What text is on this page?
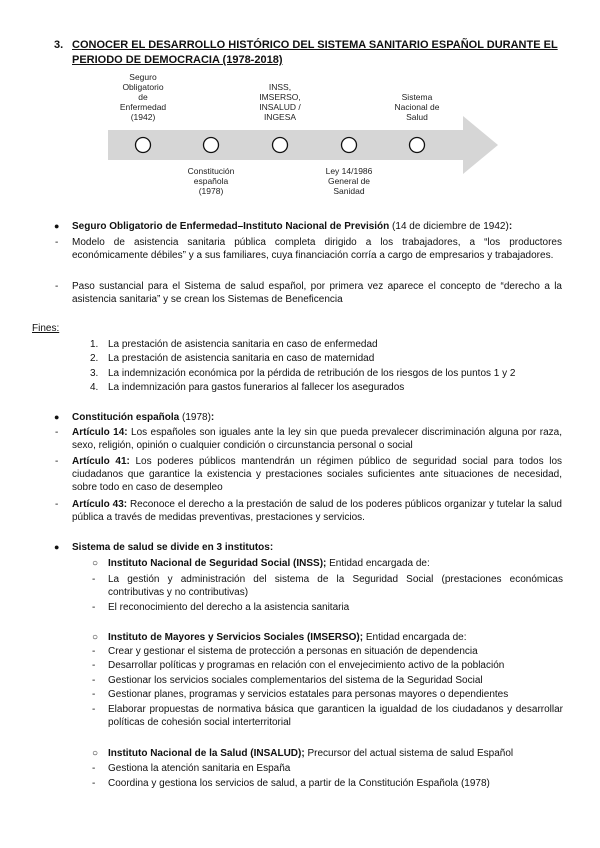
3. CONOCER EL DESARROLLO HISTÓRICO DEL SISTEMA SANITARIO ESPAÑOL DURANTE EL PERIODO DE DEMOCRACIA (1978-2018)
Seguro
Obligatorio
de
Enfermedad
(1942)
INSS,
IMSERSO,
INSALUD /
INGESA
Sistema
Nacional de
Salud
Constitución
española
(1978)
Ley 14/1986
General de
Sanidad
● Seguro Obligatorio de Enfermedad–Instituto Nacional de Previsión (14 de diciembre de 1942):
- Modelo de asistencia sanitaria pública completa dirigido a los trabajadores, a “los productores económicamente débiles” y a sus familiares, cuya financiación corría a cargo de empresarios y trabajadores.
- Paso sustancial para el Sistema de salud español, por primera vez aparece el concepto de “derecho a la asistencia sanitaria” y se crean los Sistemas de Beneficencia
Fines:
1. La prestación de asistencia sanitaria en caso de enfermedad
2. La prestación de asistencia sanitaria en caso de maternidad
3. La indemnización económica por la pérdida de retribución de los riesgos de los puntos 1 y 2
4. La indemnización para gastos funerarios al fallecer los asegurados
● Constitución española (1978):
- Artículo 14: Los españoles son iguales ante la ley sin que pueda prevalecer discriminación alguna por raza, sexo, religión, opinión o cualquier condición o circunstancia personal o social
- Artículo 41: Los poderes públicos mantendrán un régimen público de seguridad social para todos los ciudadanos que garantice la existencia y prestaciones sociales suficientes ante situaciones de necesidad, sobre todo en caso de desempleo
- Artículo 43: Reconoce el derecho a la prestación de salud de los poderes públicos organizar y tutelar la salud pública a través de medidas preventivas, prestaciones y servicios.
● Sistema de salud se divide en 3 institutos:
○ Instituto Nacional de Seguridad Social (INSS); Entidad encargada de:
- La gestión y administración del sistema de la Seguridad Social (prestaciones económicas contributivas y no contributivas)
- El reconocimiento del derecho a la asistencia sanitaria
○ Instituto de Mayores y Servicios Sociales (IMSERSO); Entidad encargada de:
- Crear y gestionar el sistema de protección a personas en situación de dependencia
- Desarrollar políticas y programas en relación con el envejecimiento activo de la población
- Gestionar los servicios sociales complementarios del sistema de la Seguridad Social
- Gestionar planes, programas y servicios estatales para personas mayores o dependientes
- Elaborar propuestas de normativa básica que garanticen la igualdad de los ciudadanos y desarrollar políticas de cohesión social interterritorial
○ Instituto Nacional de la Salud (INSALUD); Precursor del actual sistema de salud Español
- Gestiona la atención sanitaria en España
- Coordina y gestiona los servicios de salud, a partir de la Constitución Española (1978)
